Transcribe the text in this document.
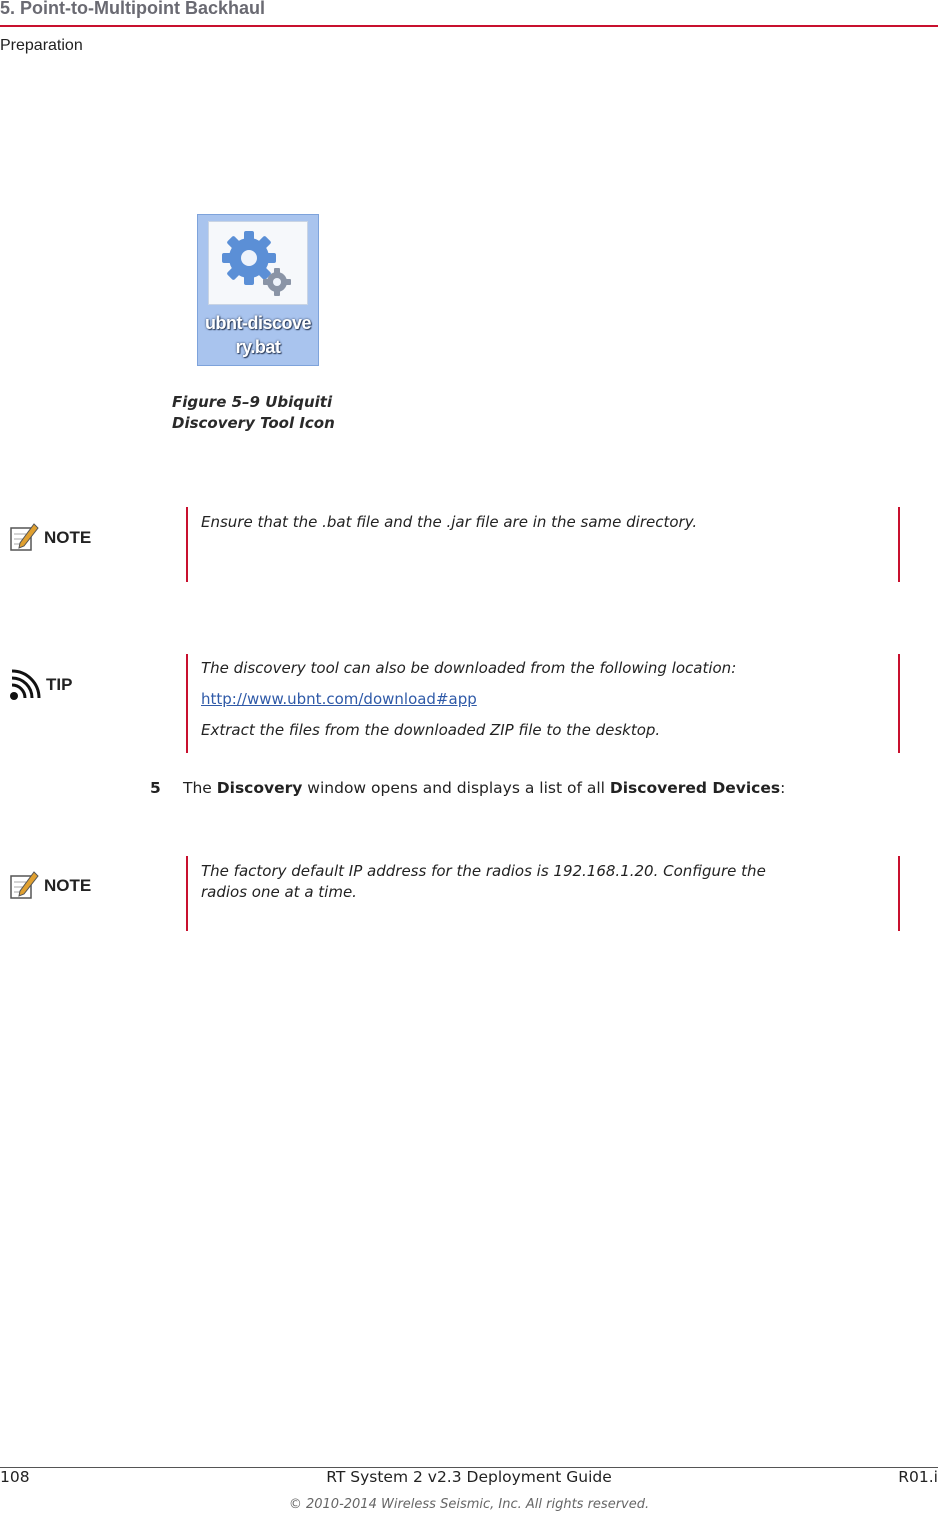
5. Point-to-Multipoint Backhaul
Preparation
ubnt-discove
ry.bat

Figure 5–9 Ubiquiti
Discovery Tool Icon

NOTE

Ensure that the .bat file and the .jar file are in the same directory.

TIP

The discovery tool can also be downloaded from the following location:

http://www.ubnt.com/download#app

Extract the files from the downloaded ZIP file to the desktop.

5 The Discovery window opens and displays a list of all Discovered Devices:
NOTE

The factory default IP address for the radios is 192.168.1.20. Configure the

radios one at a time.

RT System 2 v2.3 Deployment Guide
108	R01.i
© 2010-2014 Wireless Seismic, Inc. All rights reserved.
